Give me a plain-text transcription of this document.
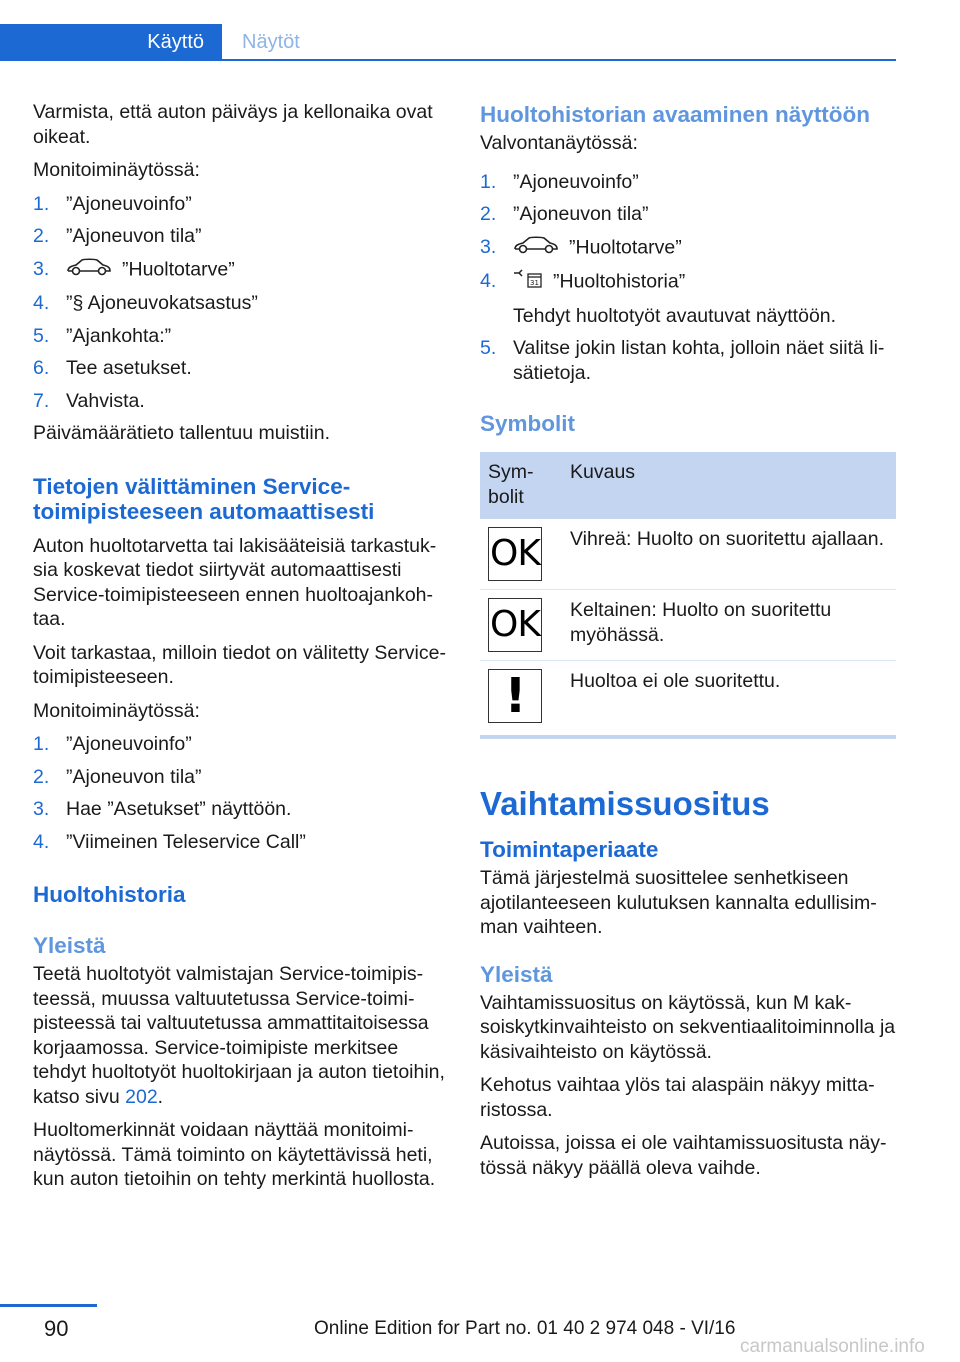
Käyttö	Näytöt

Varmista, että auton päiväys ja kellonaika ovat oikeat.

Monitoiminäytössä:

1. ”Ajoneuvoinfo”
2. ”Ajoneuvon tila”
3.	”Huoltotarve”
4. ”§ Ajoneuvokatsastus”
5. ”Ajankohta:”
6. Tee asetukset.
7. Vahvista.

Päivämäärätieto tallentuu muistiin.

Tietojen välittäminen Service-toimipisteeseen automaattisesti

Auton huoltotarvetta tai lakisääteisiä tarkastuksia koskevat tiedot siirtyvät automaattisesti Service-toimipisteeseen ennen huoltoajankohtaa.

Voit tarkastaa, milloin tiedot on välitetty Service-toimipisteeseen.

Monitoiminäytössä:

1. ”Ajoneuvoinfo”
2. ”Ajoneuvon tila”
3. Hae ”Asetukset” näyttöön.
4. ”Viimeinen Teleservice Call”
Huoltohistoria
Yleistä

Teetä huoltotyöt valmistajan Service-toimipisteessä, muussa valtuutetussa Service-toimipisteessä tai valtuutetussa ammattitaitoisessa korjaamossa. Service-toimipiste merkitsee tehdyt huoltotyöt huoltokirjaan ja auton tietoihin, katso sivu 202.

Huoltomerkinnät voidaan näyttää monitoiminäytössä. Tämä toiminto on käytettävissä heti, kun auton tietoihin on tehty merkintä huollosta.

Huoltohistorian avaaminen näyttöön

Valvontanäytössä:

1. ”Ajoneuvoinfo”
2. ”Ajoneuvon tila”
3.	”Huoltotarve”
4.	31 ”Huoltohistoria”
Tehdyt huoltotyöt avautuvat näyttöön.
5. Valitse jokin listan kohta, jolloin näet siitä lisätietoja.
Symbolit
Symbolit	Kuvaus

OK	Vihreä: Huolto on suoritettu ajallaan.

OK	Keltainen: Huolto on suoritettu myöhässä.

!	Huoltoa ei ole suoritettu.
Vaihtamissuositus
Toimintaperiaate

Tämä järjestelmä suosittelee senhetkiseen ajotilanteeseen kulutuksen kannalta edullisimman vaihteen.

Yleistä

Vaihtamissuositus on käytössä, kun M kaksoiskytkinvaihteisto on sekventiaalitoiminnolla ja käsivaihteisto on käytössä.

Kehotus vaihtaa ylös tai alaspäin näkyy mittaristossa.

Autoissa, joissa ei ole vaihtamissuositusta näytössä näkyy päällä oleva vaihde.

90	Online Edition for Part no. 01 40 2 974 048 - VI/16
carmanualsonline.info
